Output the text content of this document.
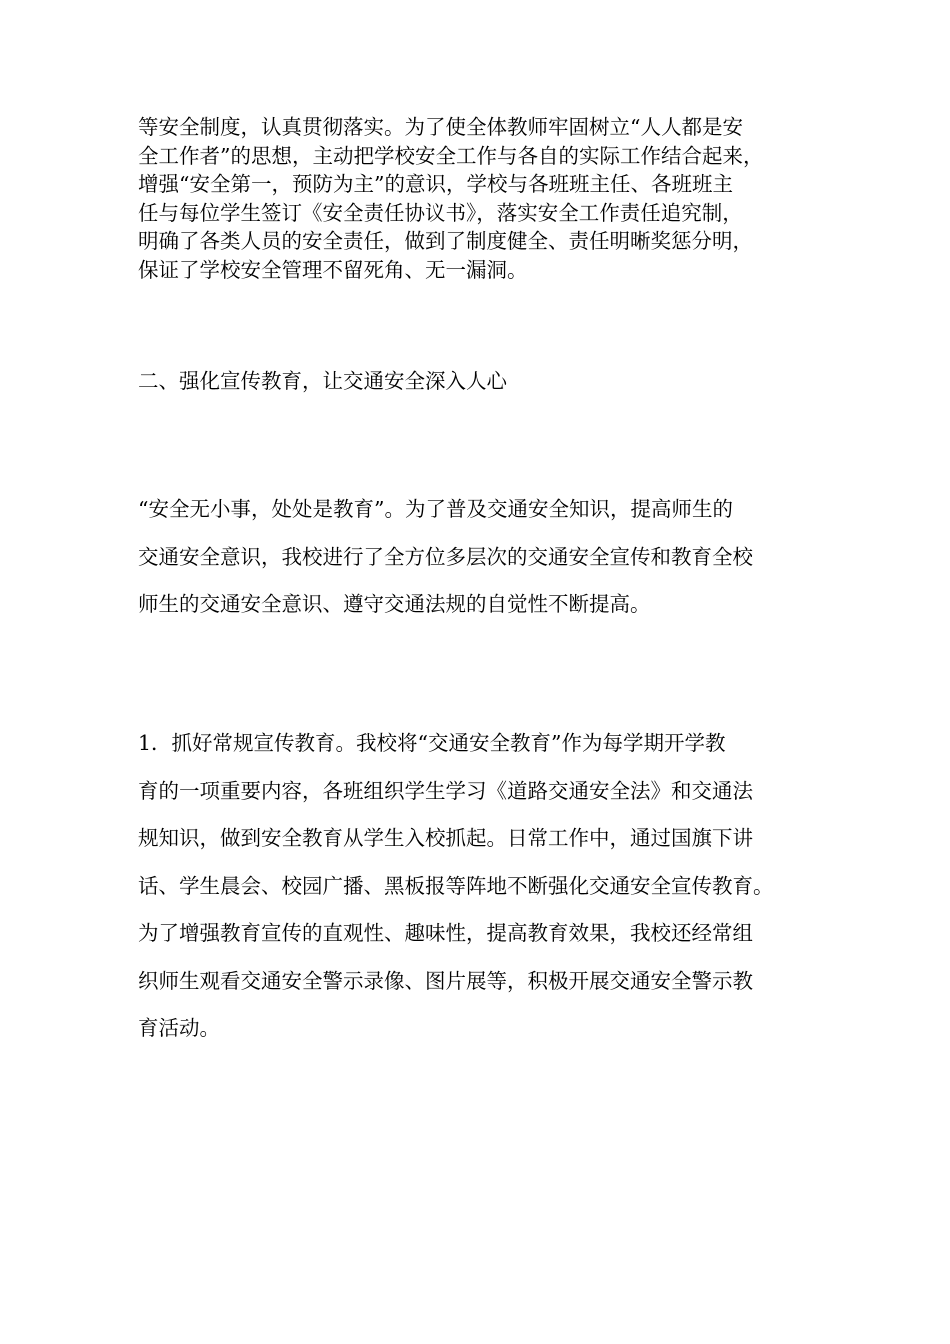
等安全制度，认真贯彻落实。为了使全体教师牢固树立“人人都是安
全工作者”的思想，主动把学校安全工作与各自的实际工作结合起来，
增强“安全第一，预防为主”的意识，学校与各班班主任、各班班主
任与每位学生签订《安全责任协议书》，落实安全工作责任追究制，
明确了各类人员的安全责任，做到了制度健全、责任明晰奖惩分明，
保证了学校安全管理不留死角、无一漏洞。
二、强化宣传教育，让交通安全深入人心
“安全无小事，处处是教育”。为了普及交通安全知识，提高师生的
交通安全意识，我校进行了全方位多层次的交通安全宣传和教育全校
师生的交通安全意识、遵守交通法规的自觉性不断提高。
1．抓好常规宣传教育。我校将“交通安全教育”作为每学期开学教
育的一项重要内容，各班组织学生学习《道路交通安全法》和交通法
规知识，做到安全教育从学生入校抓起。日常工作中，通过国旗下讲
话、学生晨会、校园广播、黑板报等阵地不断强化交通安全宣传教育。
为了增强教育宣传的直观性、趣味性，提高教育效果，我校还经常组
织师生观看交通安全警示录像、图片展等，积极开展交通安全警示教
育活动。
